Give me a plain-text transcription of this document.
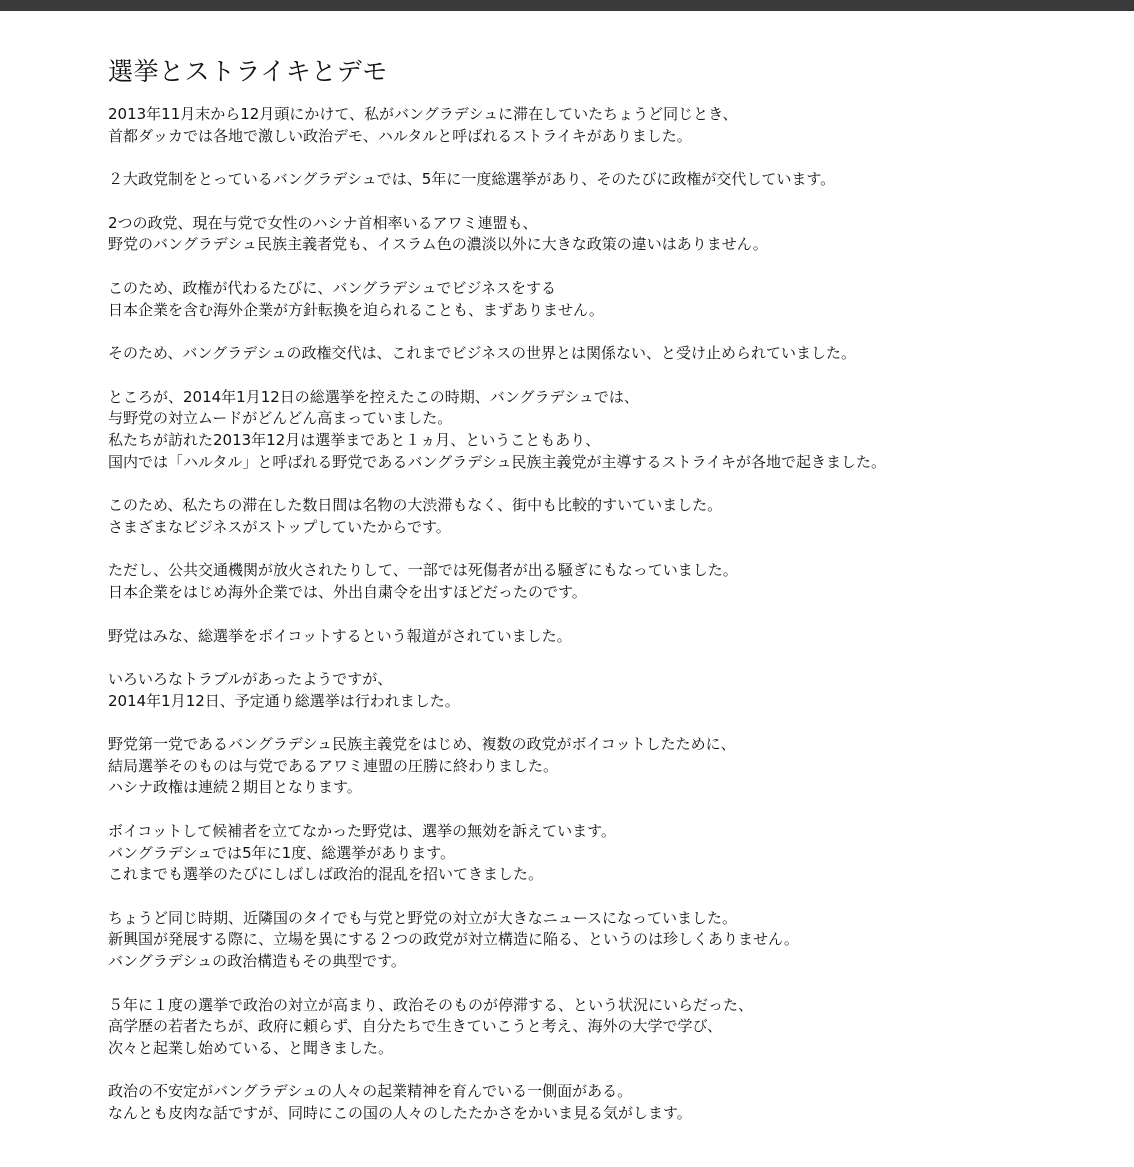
選挙とストライキとデモ

2013年11月末から12月頭にかけて、私がバングラデシュに滞在していたちょうど同じとき、
首都ダッカでは各地で激しい政治デモ、ハルタルと呼ばれるストライキがありました。

２大政党制をとっているバングラデシュでは、5年に一度総選挙があり、そのたびに政権が交代しています。

2つの政党、現在与党で女性のハシナ首相率いるアワミ連盟も、
野党のバングラデシュ民族主義者党も、イスラム色の濃淡以外に大きな政策の違いはありません。

このため、政権が代わるたびに、バングラデシュでビジネスをする
日本企業を含む海外企業が方針転換を迫られることも、まずありません。

そのため、バングラデシュの政権交代は、これまでビジネスの世界とは関係ない、と受け止められていました。

ところが、2014年1月12日の総選挙を控えたこの時期、バングラデシュでは、
与野党の対立ムードがどんどん高まっていました。
私たちが訪れた2013年12月は選挙まであと１ヵ月、ということもあり、
国内では「ハルタル」と呼ばれる野党であるバングラデシュ民族主義党が主導するストライキが各地で起きました。

このため、私たちの滞在した数日間は名物の大渋滞もなく、街中も比較的すいていました。
さまざまなビジネスがストップしていたからです。

ただし、公共交通機関が放火されたりして、一部では死傷者が出る騒ぎにもなっていました。
日本企業をはじめ海外企業では、外出自粛令を出すほどだったのです。

野党はみな、総選挙をボイコットするという報道がされていました。

いろいろなトラブルがあったようですが、
2014年1月12日、予定通り総選挙は行われました。

野党第一党であるバングラデシュ民族主義党をはじめ、複数の政党がボイコットしたために、
結局選挙そのものは与党であるアワミ連盟の圧勝に終わりました。
ハシナ政権は連続２期目となります。

ボイコットして候補者を立てなかった野党は、選挙の無効を訴えています。
バングラデシュでは5年に1度、総選挙があります。
これまでも選挙のたびにしばしば政治的混乱を招いてきました。

ちょうど同じ時期、近隣国のタイでも与党と野党の対立が大きなニュースになっていました。
新興国が発展する際に、立場を異にする２つの政党が対立構造に陥る、というのは珍しくありません。
バングラデシュの政治構造もその典型です。

５年に１度の選挙で政治の対立が高まり、政治そのものが停滞する、という状況にいらだった、
高学歴の若者たちが、政府に頼らず、自分たちで生きていこうと考え、海外の大学で学び、
次々と起業し始めている、と聞きました。

政治の不安定がバングラデシュの人々の起業精神を育んでいる一側面がある。
なんとも皮肉な話ですが、同時にこの国の人々のしたたかさをかいま見る気がします。
